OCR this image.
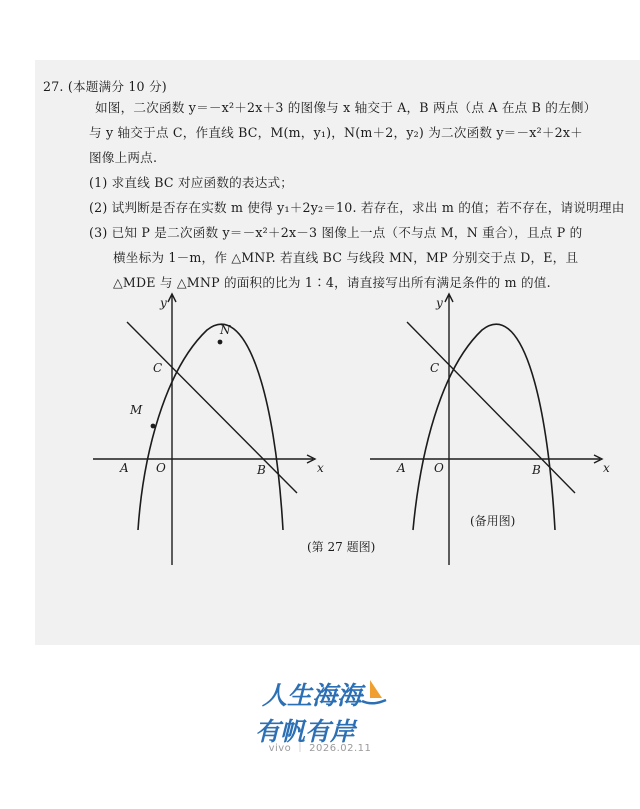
27. (本题满分 10 分)
如图，二次函数 y＝－x²＋2x＋3 的图像与 x 轴交于 A，B 两点（点 A 在点 B 的左侧）
与 y 轴交于点 C，作直线 BC，M(m，y₁)，N(m＋2，y₂) 为二次函数 y＝－x²＋2x＋
图像上两点.
(1) 求直线 BC 对应函数的表达式；
(2) 试判断是否存在实数 m 使得 y₁＋2y₂＝10. 若存在，求出 m 的值；若不存在，请说明理由
(3) 已知 P 是二次函数 y＝－x²＋2x－3 图像上一点（不与点 M，N 重合），且点 P 的
横坐标为 1－m，作 △MNP. 若直线 BC 与线段 MN，MP 分别交于点 D，E，且
△MDE 与 △MNP 的面积的比为 1∶4，请直接写出所有满足条件的 m 的值.
y
x
O
A	B
C
M
N
y
x
O
A	B
C
(备用图)
(第 27 题图)
人生海海
有帆有岸
vivo ｜ 2026.02.11
